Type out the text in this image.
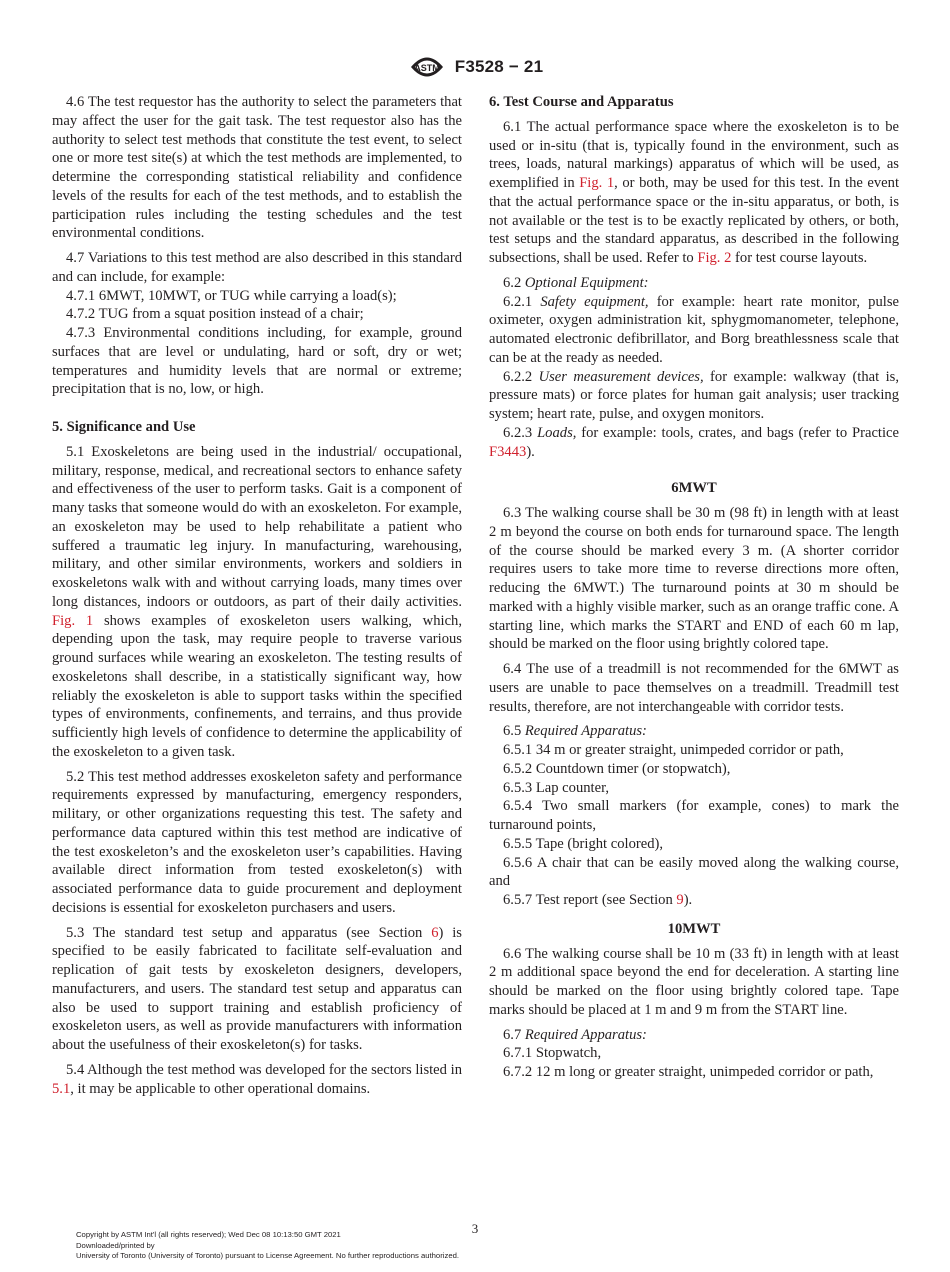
ASTM F3528 − 21

4.6 The test requestor has the authority to select the parameters that may affect the user for the gait task. The test requestor also has the authority to select test methods that constitute the test event, to select one or more test site(s) at which the test methods are implemented, to determine the corresponding statistical reliability and confidence levels of the results for each of the test methods, and to establish the participation rules including the testing schedules and the test environmental conditions.

4.7 Variations to this test method are also described in this standard and can include, for example:

4.7.1 6MWT, 10MWT, or TUG while carrying a load(s);

4.7.2 TUG from a squat position instead of a chair;

4.7.3 Environmental conditions including, for example, ground surfaces that are level or undulating, hard or soft, dry or wet; temperatures and humidity levels that are normal or extreme; precipitation that is no, low, or high.

5. Significance and Use

5.1 Exoskeletons are being used in the industrial/ occupational, military, response, medical, and recreational sectors to enhance safety and effectiveness of the user to perform tasks. Gait is a component of many tasks that someone would do with an exoskeleton. For example, an exoskeleton may be used to help rehabilitate a patient who suffered a traumatic leg injury. In manufacturing, warehousing, military, and other similar environments, workers and soldiers in exoskeletons walk with and without carrying loads, many times over long distances, indoors or outdoors, as part of their daily activities. Fig. 1 shows examples of exoskeleton users walking, which, depending upon the task, may require people to traverse various ground surfaces while wearing an exoskeleton. The testing results of exoskeletons shall describe, in a statistically significant way, how reliably the exoskeleton is able to support tasks within the specified types of environments, confinements, and terrains, and thus provide sufficiently high levels of confidence to determine the applicability of the exoskeleton to a given task.

5.2 This test method addresses exoskeleton safety and performance requirements expressed by manufacturing, emergency responders, military, or other organizations requesting this test. The safety and performance data captured within this test method are indicative of the test exoskeleton’s and the exoskeleton user’s capabilities. Having available direct information from tested exoskeleton(s) with associated performance data to guide procurement and deployment decisions is essential for exoskeleton purchasers and users.

5.3 The standard test setup and apparatus (see Section 6) is specified to be easily fabricated to facilitate self-evaluation and replication of gait tests by exoskeleton designers, developers, manufacturers, and users. The standard test setup and apparatus can also be used to support training and establish proficiency of exoskeleton users, as well as provide manufacturers with information about the usefulness of their exoskeleton(s) for tasks.

5.4 Although the test method was developed for the sectors listed in 5.1, it may be applicable to other operational domains.

6. Test Course and Apparatus

6.1 The actual performance space where the exoskeleton is to be used or in-situ (that is, typically found in the environment, such as trees, loads, natural markings) apparatus of which will be used, as exemplified in Fig. 1, or both, may be used for this test. In the event that the actual performance space or the in-situ apparatus, or both, is not available or the test is to be exactly replicated by others, or both, test setups and the standard apparatus, as described in the following subsections, shall be used. Refer to Fig. 2 for test course layouts.

6.2 Optional Equipment:

6.2.1 Safety equipment, for example: heart rate monitor, pulse oximeter, oxygen administration kit, sphygmomanometer, telephone, automated electronic defibrillator, and Borg breathlessness scale that can be at the ready as needed.

6.2.2 User measurement devices, for example: walkway (that is, pressure mats) or force plates for human gait analysis; user tracking system; heart rate, pulse, and oxygen monitors.

6.2.3 Loads, for example: tools, crates, and bags (refer to Practice F3443).

6MWT

6.3 The walking course shall be 30 m (98 ft) in length with at least 2 m beyond the course on both ends for turnaround space. The length of the course should be marked every 3 m. (A shorter corridor requires users to take more time to reverse directions more often, reducing the 6MWT.) The turnaround points at 30 m should be marked with a highly visible marker, such as an orange traffic cone. A starting line, which marks the START and END of each 60 m lap, should be marked on the floor using brightly colored tape.

6.4 The use of a treadmill is not recommended for the 6MWT as users are unable to pace themselves on a treadmill. Treadmill test results, therefore, are not interchangeable with corridor tests.

6.5 Required Apparatus:

6.5.1 34 m or greater straight, unimpeded corridor or path,

6.5.2 Countdown timer (or stopwatch),

6.5.3 Lap counter,

6.5.4 Two small markers (for example, cones) to mark the turnaround points,

6.5.5 Tape (bright colored),

6.5.6 A chair that can be easily moved along the walking course, and

6.5.7 Test report (see Section 9).

10MWT

6.6 The walking course shall be 10 m (33 ft) in length with at least 2 m additional space beyond the end for deceleration. A starting line should be marked on the floor using brightly colored tape. Tape marks should be placed at 1 m and 9 m from the START line.

6.7 Required Apparatus:

6.7.1 Stopwatch,

6.7.2 12 m long or greater straight, unimpeded corridor or path,

3
Copyright by ASTM Int'l (all rights reserved); Wed Dec 08 10:13:50 GMT 2021
Downloaded/printed by
University of Toronto (University of Toronto) pursuant to License Agreement. No further reproductions authorized.
